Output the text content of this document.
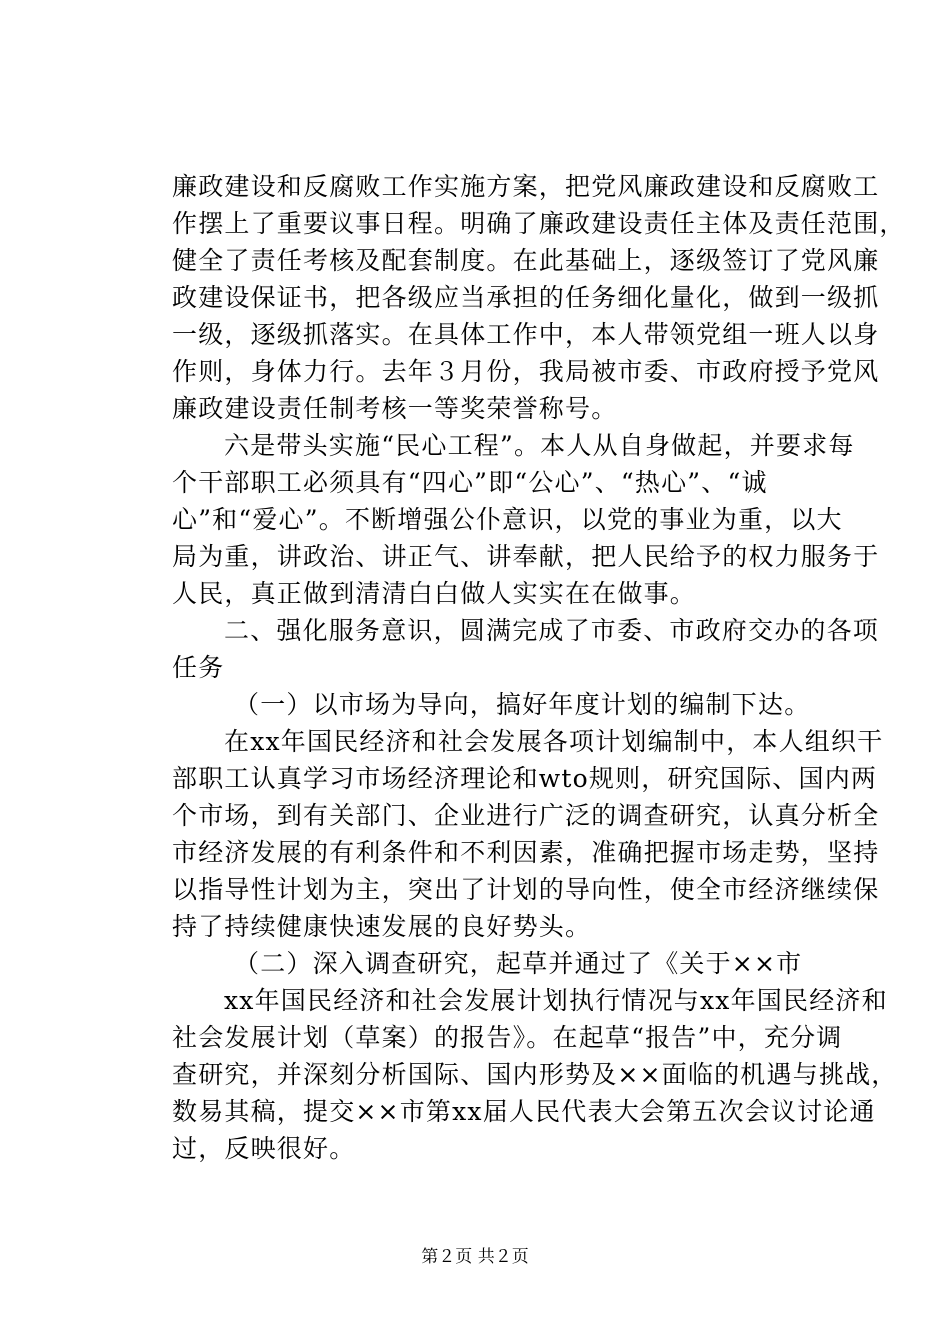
廉政建设和反腐败工作实施方案，把党风廉政建设和反腐败工
作摆上了重要议事日程。明确了廉政建设责任主体及责任范围，
健全了责任考核及配套制度。在此基础上，逐级签订了党风廉
政建设保证书，把各级应当承担的任务细化量化，做到一级抓
一级，逐级抓落实。在具体工作中，本人带领党组一班人以身
作则，身体力行。去年３月份，我局被市委、市政府授予党风
廉政建设责任制考核一等奖荣誉称号。
六是带头实施“民心工程”。本人从自身做起，并要求每
个干部职工必须具有“四心”即“公心”、“热心”、“诚
心”和“爱心”。不断增强公仆意识，以党的事业为重，以大
局为重，讲政治、讲正气、讲奉献，把人民给予的权力服务于
人民，真正做到清清白白做人实实在在做事。
二、强化服务意识，圆满完成了市委、市政府交办的各项
任务
（一）以市场为导向，搞好年度计划的编制下达。
在xx年国民经济和社会发展各项计划编制中，本人组织干
部职工认真学习市场经济理论和wto规则，研究国际、国内两
个市场，到有关部门、企业进行广泛的调查研究，认真分析全
市经济发展的有利条件和不利因素，准确把握市场走势，坚持
以指导性计划为主，突出了计划的导向性，使全市经济继续保
持了持续健康快速发展的良好势头。
（二）深入调查研究，起草并通过了《关于××市
xx年国民经济和社会发展计划执行情况与xx年国民经济和
社会发展计划（草案）的报告》。在起草“报告”中，充分调
查研究，并深刻分析国际、国内形势及××面临的机遇与挑战，
数易其稿，提交××市第xx届人民代表大会第五次会议讨论通
过，反映很好。
第２页 共２页
